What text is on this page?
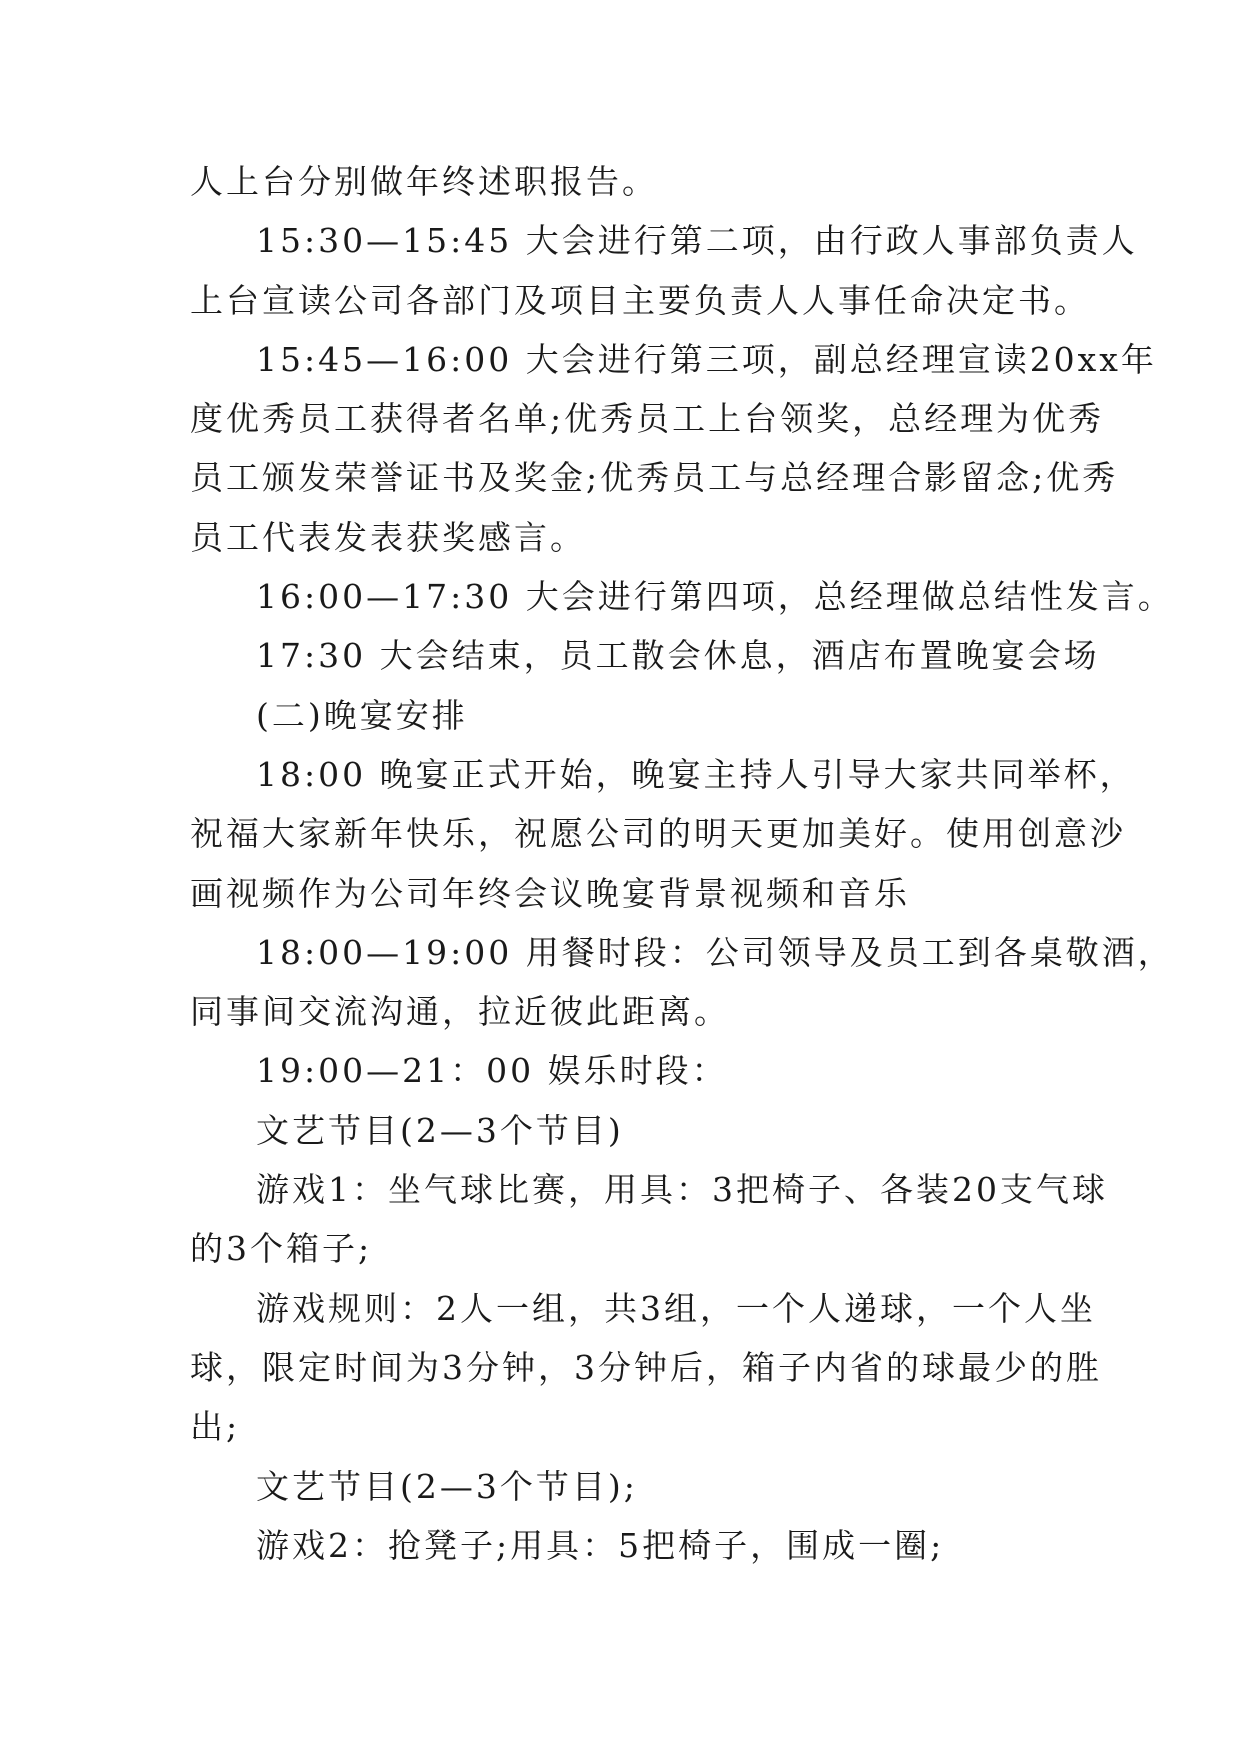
人上台分别做年终述职报告。
15:30—15:45 大会进行第二项，由行政人事部负责人
上台宣读公司各部门及项目主要负责人人事任命决定书。
15:45—16:00 大会进行第三项，副总经理宣读20xx年
度优秀员工获得者名单;优秀员工上台领奖，总经理为优秀
员工颁发荣誉证书及奖金;优秀员工与总经理合影留念;优秀
员工代表发表获奖感言。
16:00—17:30 大会进行第四项，总经理做总结性发言。
17:30 大会结束，员工散会休息，酒店布置晚宴会场
(二)晚宴安排
18:00 晚宴正式开始，晚宴主持人引导大家共同举杯，
祝福大家新年快乐，祝愿公司的明天更加美好。使用创意沙
画视频作为公司年终会议晚宴背景视频和音乐
18:00—19:00 用餐时段：公司领导及员工到各桌敬酒，
同事间交流沟通，拉近彼此距离。
19:00—21：00 娱乐时段：
文艺节目(2—3个节目)
游戏1：坐气球比赛，用具：3把椅子、各装20支气球
的3个箱子;
游戏规则：2人一组，共3组，一个人递球，一个人坐
球，限定时间为3分钟，3分钟后，箱子内省的球最少的胜
出;
文艺节目(2—3个节目);
游戏2：抢凳子;用具：5把椅子，围成一圈;
